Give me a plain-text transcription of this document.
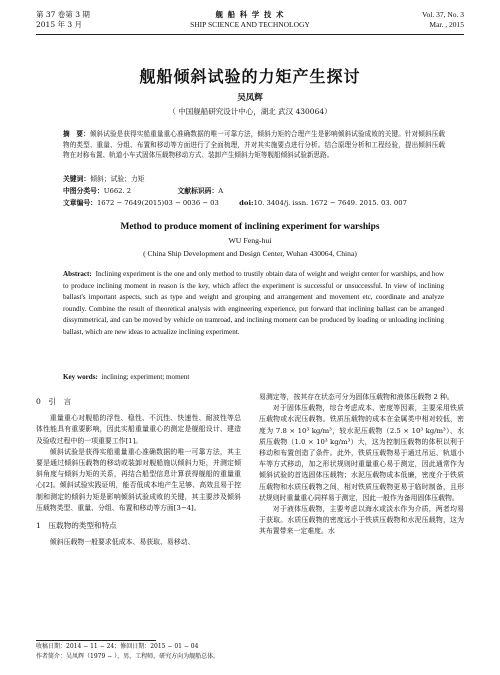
第 37 卷第 3 期
2015 年 3 月
舰 船 科 学 技 术
SHIP SCIENCE AND TECHNOLOGY
Vol. 37, No. 3
Mar. , 2015
舰船倾斜试验的力矩产生探讨
吴凤辉
（ 中国舰船研究设计中心，湖北 武汉 430064）
摘　要：倾斜试验是获得实船重量重心准确数据的唯一可靠方法，倾斜力矩的合理产生是影响倾斜试验成败的关键。针对倾斜压载物的类型、重量、分组、布置和移动等方面进行了全面梳理，并对其实施要点进行分析。结合原理分析和工程经验，提出倾斜压载物在对称布置、轨道小车式固体压载物移动方式、装卸产生倾斜力矩等舰船倾斜试验新思路。
关键词：倾斜；试验；力矩
中图分类号：U662. 2	文献标识码：A
文章编号：1672 − 7649(2015)03 − 0036 − 03	doi:10. 3404/j. issn. 1672 − 7649. 2015. 03. 007
Method to produce moment of inclining experiment for warships
WU Feng-hui
( China Ship Development and Design Center, Wuhan 430064, China)
Abstract: Inclining experiment is the one and only method to trustily obtain data of weight and weight center for warships, and how to produce inclining moment in reason is the key, which affect the experiment is successful or unsuccessful. In view of inclining ballast's important aspects, such as type and weight and grouping and arrangement and movement etc, coordinate and analyze roundly. Combine the result of theoretical analysis with engineering experience, put forward that inclining ballast can be arranged dissymmetrical, and can be moved by vehicle on tramroad, and inclining moment can be produced by loading or unloading inclining ballast, which are new ideas to actualize inclining experiment.
Key words: inclining; experiment; moment
0　引　言

重量重心对舰船的浮性、稳性、不沉性、快速性、耐波性等总体性能具有重要影响，因此实船重量重心的测定是舰船设计、建造及验收过程中的一项重要工作[1]。

倾斜试验是获得实船重量重心准确数据的唯一可靠方法，其主要是通过倾斜压载物的移动或装卸对舰船施以倾斜力矩，并测定倾斜角度与倾斜力矩的关系，再结合船型信息计算获得舰船的重量重心[2]。倾斜试验实践证明，能否低成本地产生足够、高效且易于控制和测定的倾斜力矩是影响倾斜试验成败的关键，其主要涉及倾斜压载物类型、重量、分组、布置和移动等方面[3−4]。

1　压载物的类型和特点

倾斜压载物一般要求低成本、易获取、易移动、

易测定等，按其存在状态可分为固体压载物和液体压载物 2 种。

对于固体压载物，综合考虑成本、密度等因素，主要采用铁质压载物或水泥压载物。铁质压载物的成本在金属类中相对较低，密度为 7.8 × 10³ kg/m³，较水泥压载物（2.5 × 10³ kg/m³）、水质压载物（1.0 × 10³ kg/m³）大，这为控制压载物的体积以利于移动和布置创造了条件。此外，铁质压载物易于通过吊运、轨道小车等方式移动，加之形状规则时重量重心易于测定，因此通常作为倾斜试验的首选固体压载物；水泥压载物成本低廉，密度介于铁质压载物和水质压载物之间，相对铁质压载物更易于临时制备，且形状规则时重量重心同样易于测定，因此一般作为备用固体压载物。

对于液体压载物，主要考虑以海水或淡水作为介质，两者均易于获取。水质压载物的密度远小于铁质压载物和水泥压载物，这为其布置带来一定难度。水

收稿日期：2014 − 11 − 24；修回日期：2015 − 01 − 04
作者简介：吴凤辉（1979 − ），男，工程师，研究方向为舰船总体。
